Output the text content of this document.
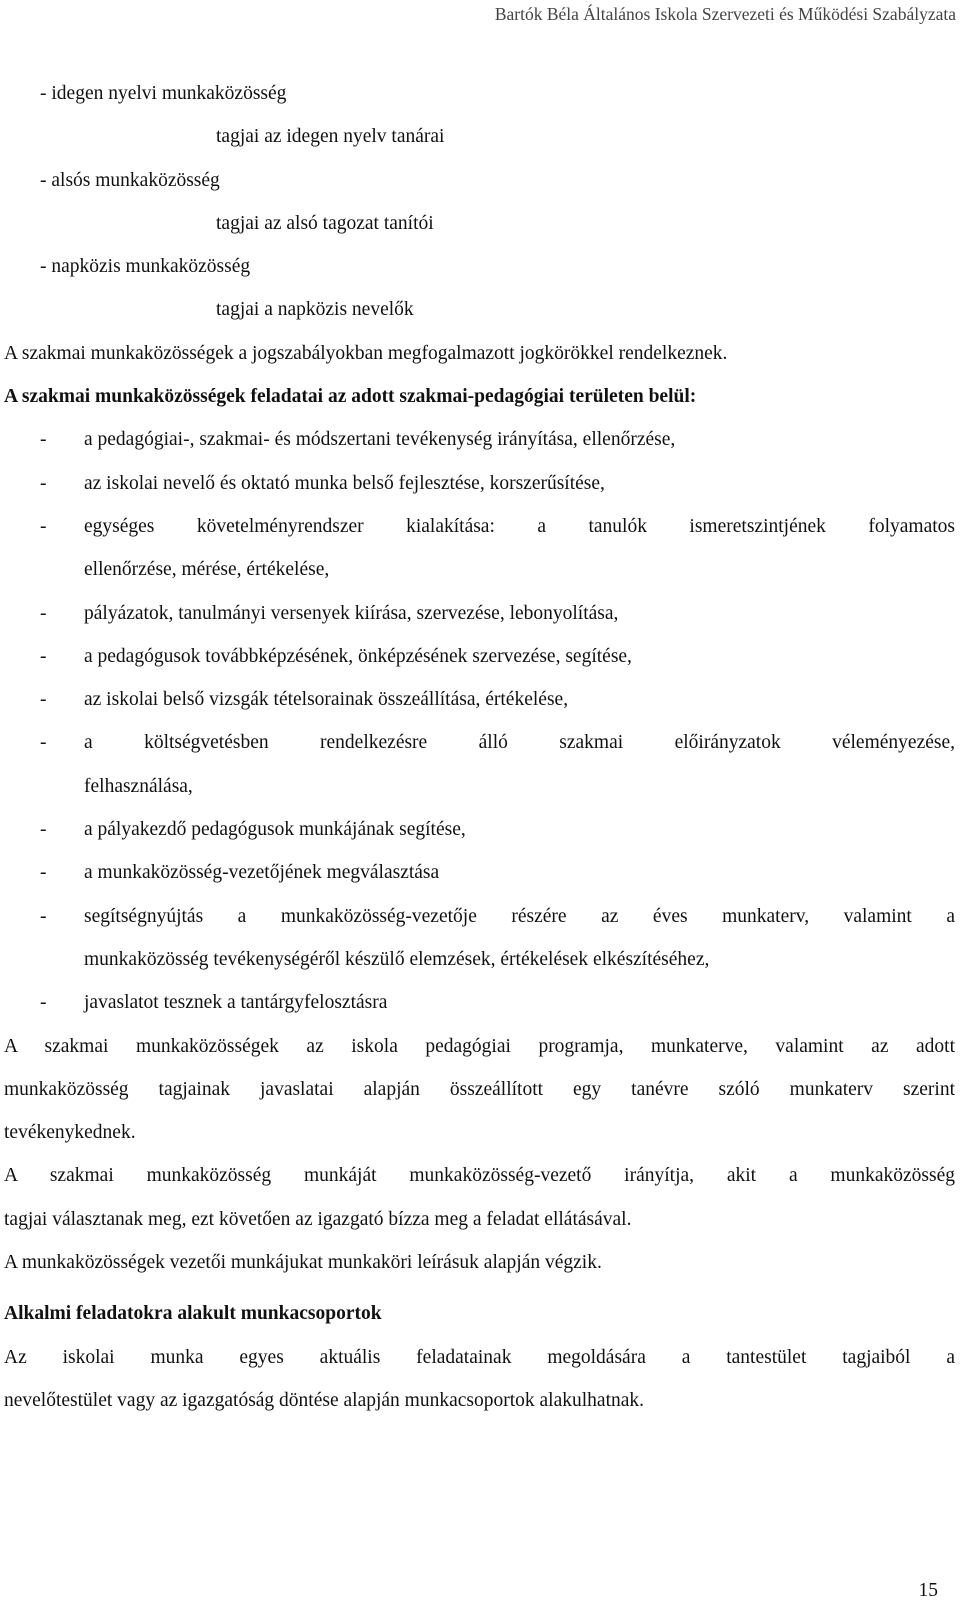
Bartók Béla Általános Iskola Szervezeti és Működési Szabályzata

- idegen nyelvi munkaközösség

tagjai az idegen nyelv tanárai

- alsós munkaközösség

tagjai az alsó tagozat tanítói

- napközis munkaközösség

tagjai a napközis nevelők

A szakmai munkaközösségek a jogszabályokban megfogalmazott jogkörökkel rendelkeznek.

A szakmai munkaközösségek feladatai az adott szakmai-pedagógiai területen belül:

-	a pedagógiai-, szakmai- és módszertani tevékenység irányítása, ellenőrzése,
-	az iskolai nevelő és oktató munka belső fejlesztése, korszerűsítése,
-	egységes követelményrendszer kialakítása: a tanulók ismeretszintjének folyamatos
ellenőrzése, mérése, értékelése,
-	pályázatok, tanulmányi versenyek kiírása, szervezése, lebonyolítása,
-	a pedagógusok továbbképzésének, önképzésének szervezése, segítése,
-	az iskolai belső vizsgák tételsorainak összeállítása, értékelése,
-	a költségvetésben rendelkezésre álló szakmai előirányzatok véleményezése,
felhasználása,
-	a pályakezdő pedagógusok munkájának segítése,
-	a munkaközösség-vezetőjének megválasztása
-	segítségnyújtás a munkaközösség-vezetője részére az éves munkaterv, valamint a
munkaközösség tevékenységéről készülő elemzések, értékelések elkészítéséhez,
-	javaslatot tesznek a tantárgyfelosztásra

A szakmai munkaközösségek az iskola pedagógiai programja, munkaterve, valamint az adott

munkaközösség tagjainak javaslatai alapján összeállított egy tanévre szóló munkaterv szerint

tevékenykednek.

A szakmai munkaközösség munkáját munkaközösség-vezető irányítja, akit a munkaközösség

tagjai választanak meg, ezt követően az igazgató bízza meg a feladat ellátásával.

A munkaközösségek vezetői munkájukat munkaköri leírásuk alapján végzik.

Alkalmi feladatokra alakult munkacsoportok

Az iskolai munka egyes aktuális feladatainak megoldására a tantestület tagjaiból a

nevelőtestület vagy az igazgatóság döntése alapján munkacsoportok alakulhatnak.

15
